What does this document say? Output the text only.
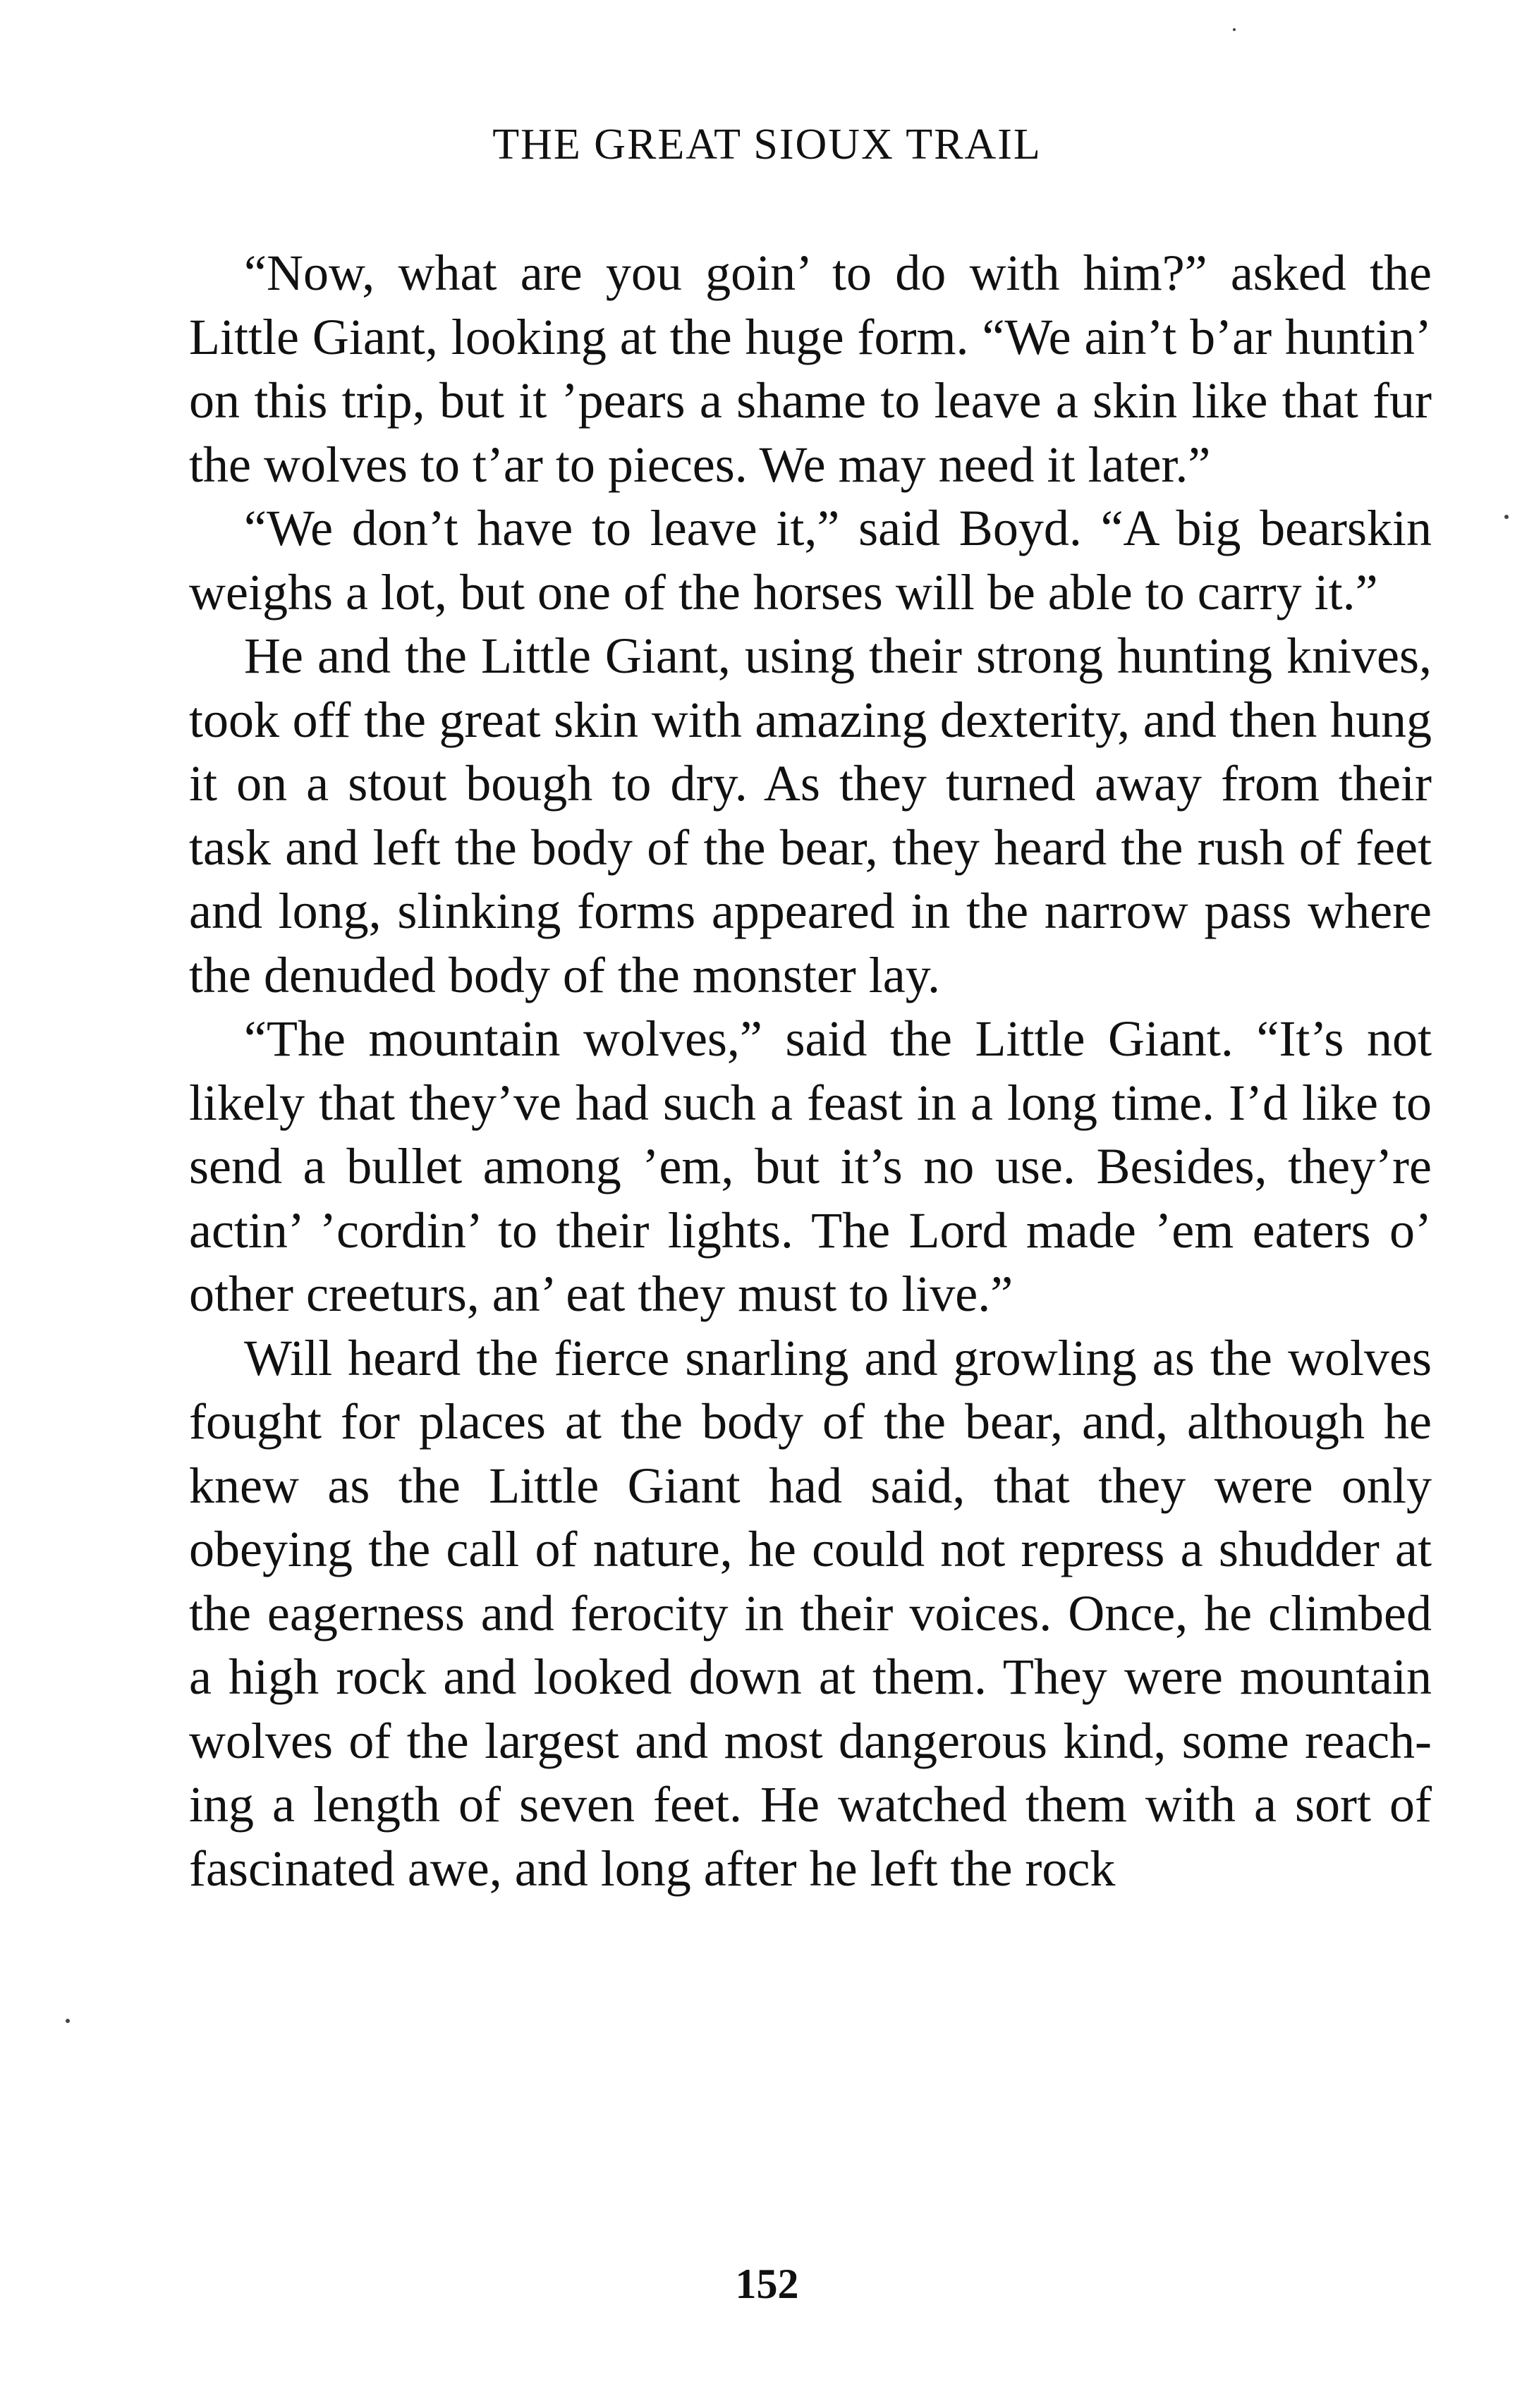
THE GREAT SIOUX TRAIL

“Now, what are you goin’ to do with him?” asked the Little Giant, looking at the huge form. “We ain’t b’ar huntin’ on this trip, but it ’pears a shame to leave a skin like that fur the wolves to t’ar to pieces. We may need it later.”

“We don’t have to leave it,” said Boyd. “A big bearskin weighs a lot, but one of the horses will be able to carry it.”

He and the Little Giant, using their strong hunting knives, took off the great skin with amazing dexterity, and then hung it on a stout bough to dry. As they turned away from their task and left the body of the bear, they heard the rush of feet and long, slinking forms appeared in the narrow pass where the denuded body of the monster lay.

“The mountain wolves,” said the Little Giant. “It’s not likely that they’ve had such a feast in a long time. I’d like to send a bullet among ’em, but it’s no use. Besides, they’re actin’ ’cordin’ to their lights. The Lord made ’em eaters o’ other creeturs, an’ eat they must to live.”

Will heard the fierce snarling and growling as the wolves fought for places at the body of the bear, and, although he knew as the Little Giant had said, that they were only obeying the call of nature, he could not repress a shudder at the eagerness and ferocity in their voices. Once, he climbed a high rock and looked down at them. They were mountain wolves of the largest and most dangerous kind, some reach-ing a length of seven feet. He watched them with a sort of fascinated awe, and long after he left the rock

152
